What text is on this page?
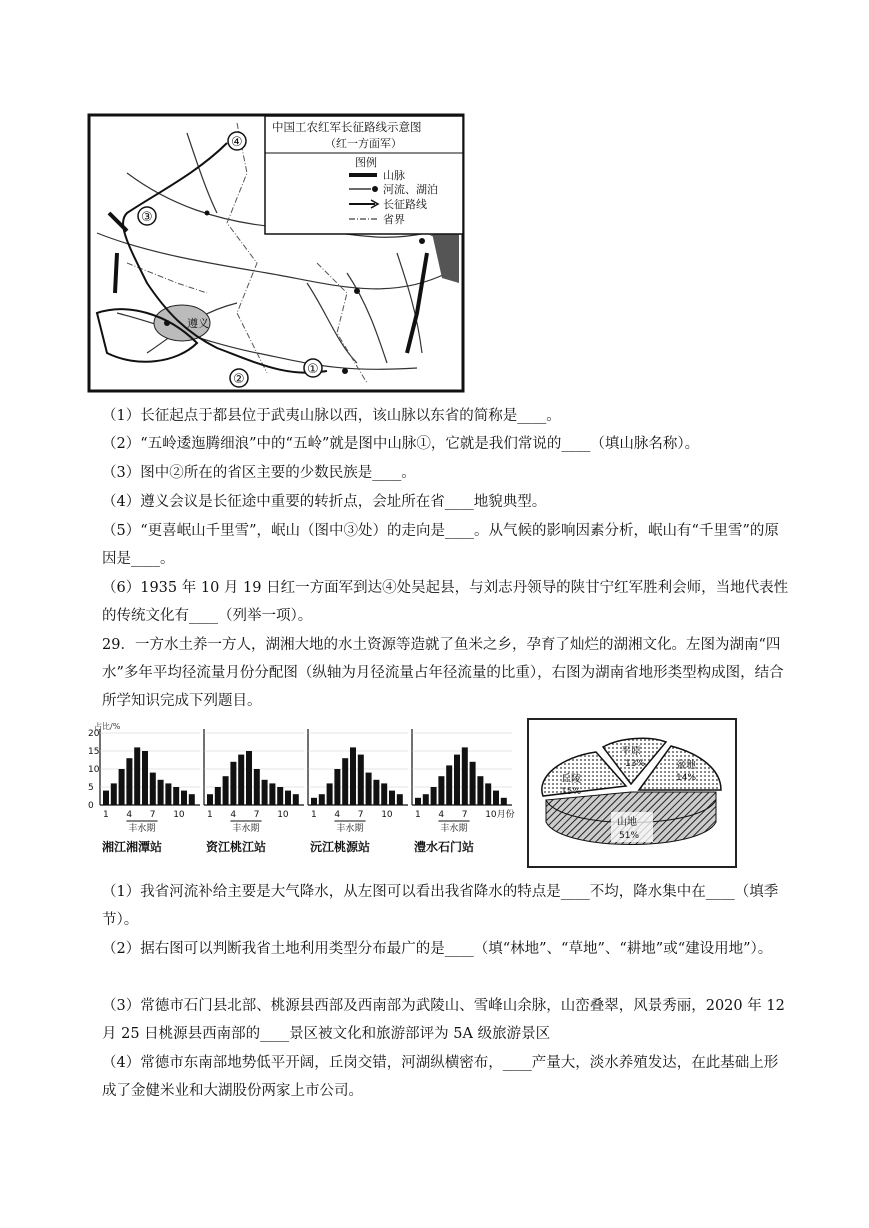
遵义
④
③
②
①
中国工农红军长征路线示意图
（红一方面军）
图例
山脉
河流、湖泊
长征路线
省界
（1）长征起点于都县位于武夷山脉以西，该山脉以东省的简称是____。
（2）“五岭逶迤腾细浪”中的“五岭”就是图中山脉①，它就是我们常说的____（填山脉名称）。
（3）图中②所在的省区主要的少数民族是____。
（4）遵义会议是长征途中重要的转折点，会址所在省____地貌典型。
（5）“更喜岷山千里雪”，岷山（图中③处）的走向是____。从气候的影响因素分析，岷山有“千里雪”的原因是____。
（6）1935 年 10 月 19 日红一方面军到达④处吴起县，与刘志丹领导的陕甘宁红军胜利会师，当地代表性的传统文化有____（列举一项）。
29．一方水土养一方人，湖湘大地的水土资源等造就了鱼米之乡，孕育了灿烂的湖湘文化。左图为湖南“四水”多年平均径流量月份分配图（纵轴为月径流量占年径流量的比重），右图为湖南省地形类型构成图，结合所学知识完成下列题目。
占比/%
20
15
10
5
0
1 4 7 10
丰水期
湘江湘潭站
1 4 7 10
丰水期
资江桃江站
1 4 7 10
丰水期
沅江桃源站
1 4 7 10月份
丰水期
澧水石门站
丘陵
15%
平原
13%	盆地
14%
山地
51%
（1）我省河流补给主要是大气降水，从左图可以看出我省降水的特点是____不均，降水集中在____（填季节）。
（2）据右图可以判断我省土地利用类型分布最广的是____（填“林地”、“草地”、“耕地”或“建设用地”）。
（3）常德市石门县北部、桃源县西部及西南部为武陵山、雪峰山余脉，山峦叠翠，风景秀丽，2020 年 12 月 25 日桃源县西南部的____景区被文化和旅游部评为 5A 级旅游景区
（4）常德市东南部地势低平开阔，丘岗交错，河湖纵横密布，____产量大，淡水养殖发达，在此基础上形成了金健米业和大湖股份两家上市公司。
